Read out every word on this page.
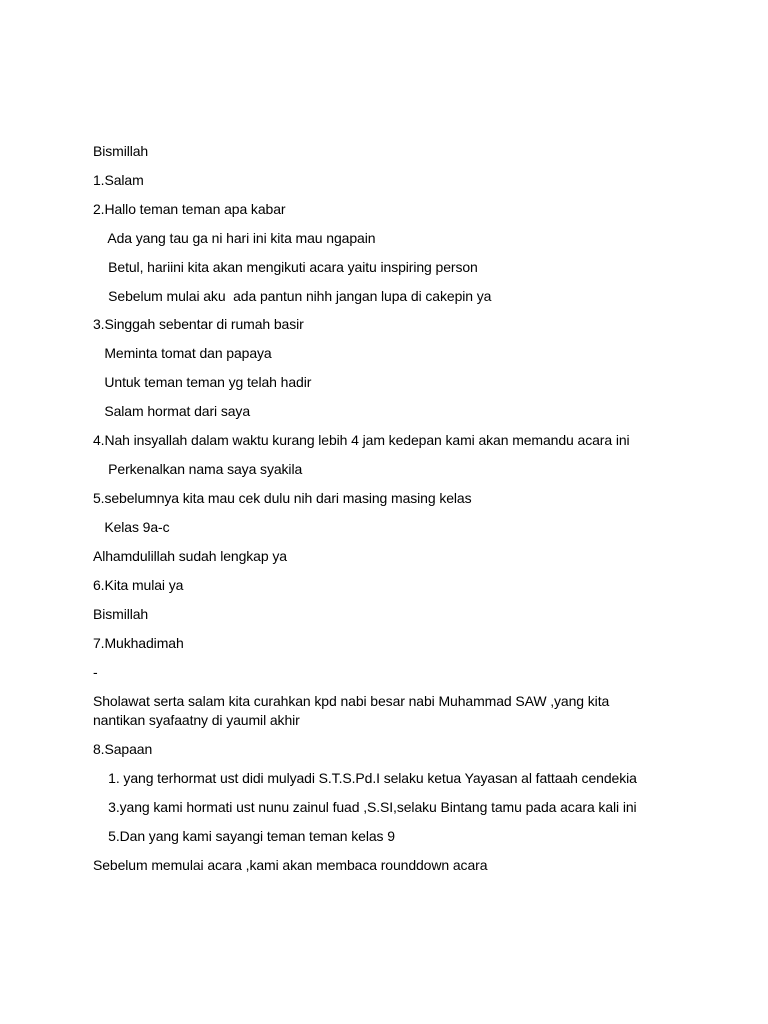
Bismillah
1.Salam
2.Hallo teman teman apa kabar
Ada yang tau ga ni hari ini kita mau ngapain
Betul, hariini kita akan mengikuti acara yaitu inspiring person
Sebelum mulai aku  ada pantun nihh jangan lupa di cakepin ya
3.Singgah sebentar di rumah basir
Meminta tomat dan papaya
Untuk teman teman yg telah hadir
Salam hormat dari saya
4.Nah insyallah dalam waktu kurang lebih 4 jam kedepan kami akan memandu acara ini
Perkenalkan nama saya syakila
5.sebelumnya kita mau cek dulu nih dari masing masing kelas
Kelas 9a-c
Alhamdulillah sudah lengkap ya
6.Kita mulai ya
Bismillah
7.Mukhadimah
-
Sholawat serta salam kita curahkan kpd nabi besar nabi Muhammad SAW ,yang kita nantikan syafaatny di yaumil akhir
8.Sapaan
1. yang terhormat ust didi mulyadi S.T.S.Pd.I selaku ketua Yayasan al fattaah cendekia
3.yang kami hormati ust nunu zainul fuad ,S.SI,selaku Bintang tamu pada acara kali ini
5.Dan yang kami sayangi teman teman kelas 9
Sebelum memulai acara ,kami akan membaca rounddown acara
